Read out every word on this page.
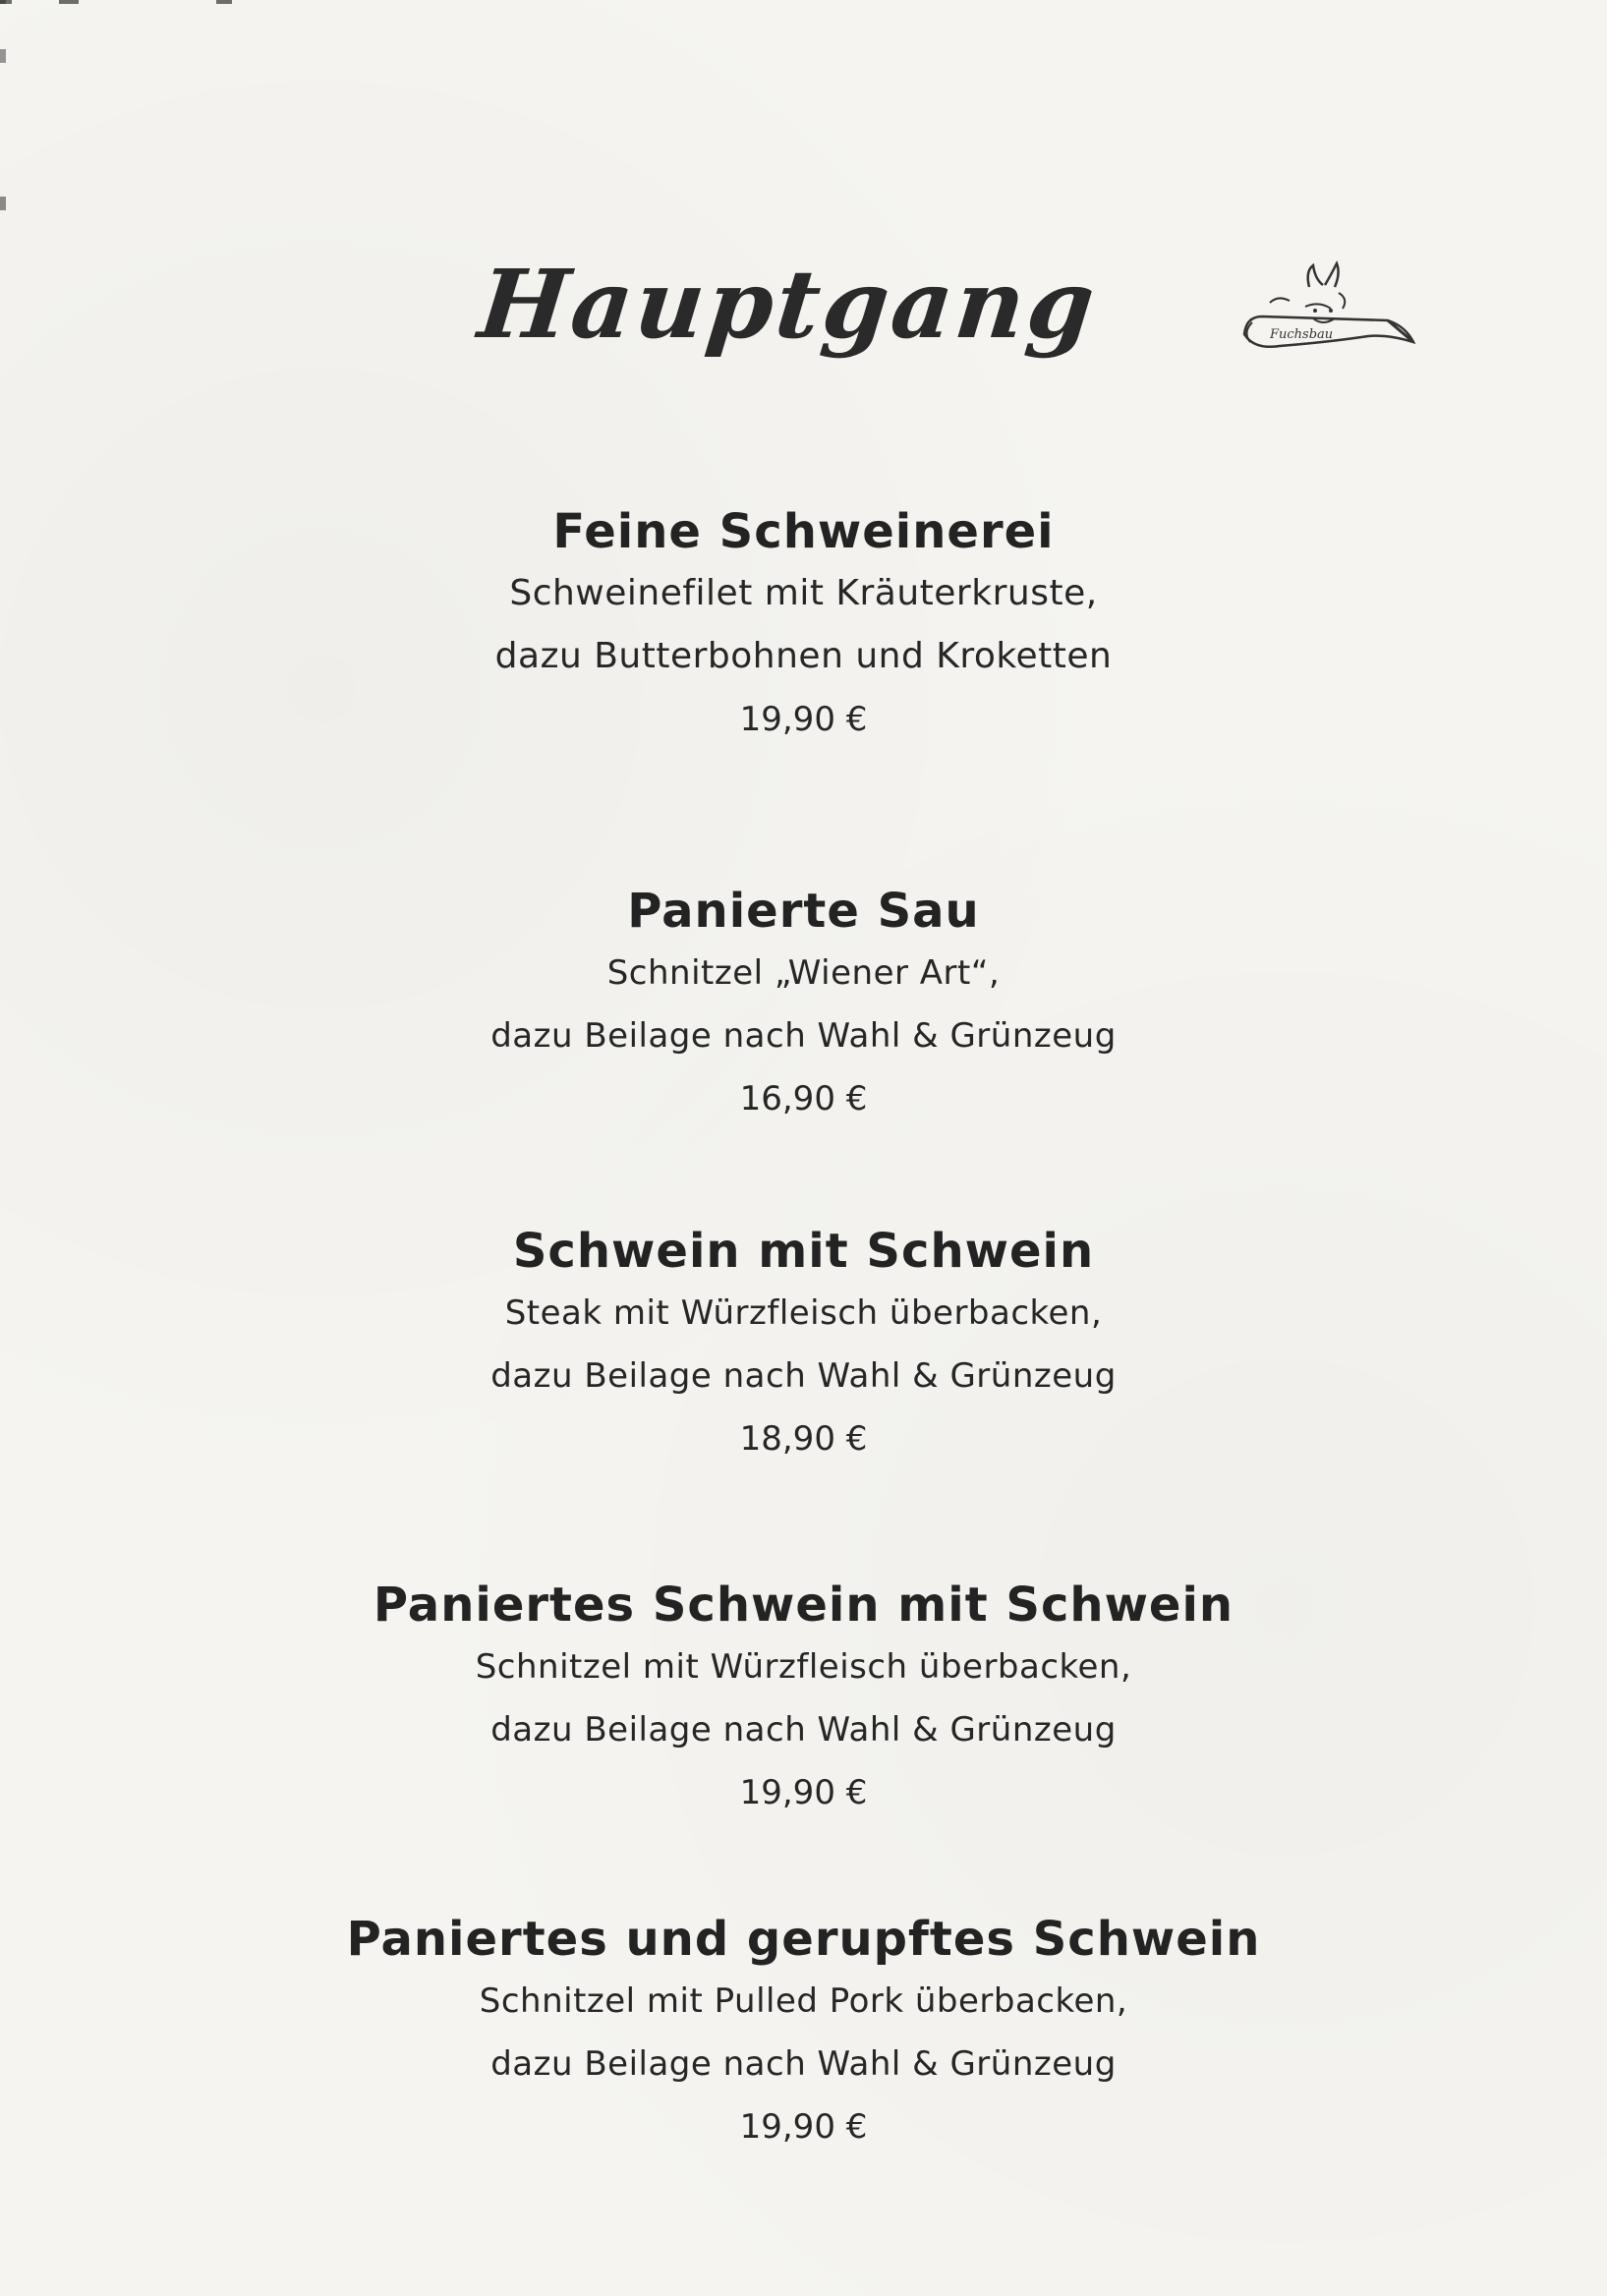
Hauptgang	Fuchsbau
Feine Schweinerei
Schweinefilet mit Kräuterkruste,
dazu Butterbohnen und Kroketten
19,90 €
Panierte Sau
Schnitzel „Wiener Art“,
dazu Beilage nach Wahl & Grünzeug
16,90 €
Schwein mit Schwein
Steak mit Würzfleisch überbacken,
dazu Beilage nach Wahl & Grünzeug
18,90 €
Paniertes Schwein mit Schwein
Schnitzel mit Würzfleisch überbacken,
dazu Beilage nach Wahl & Grünzeug
19,90 €
Paniertes und gerupftes Schwein
Schnitzel mit Pulled Pork überbacken,
dazu Beilage nach Wahl & Grünzeug
19,90 €
